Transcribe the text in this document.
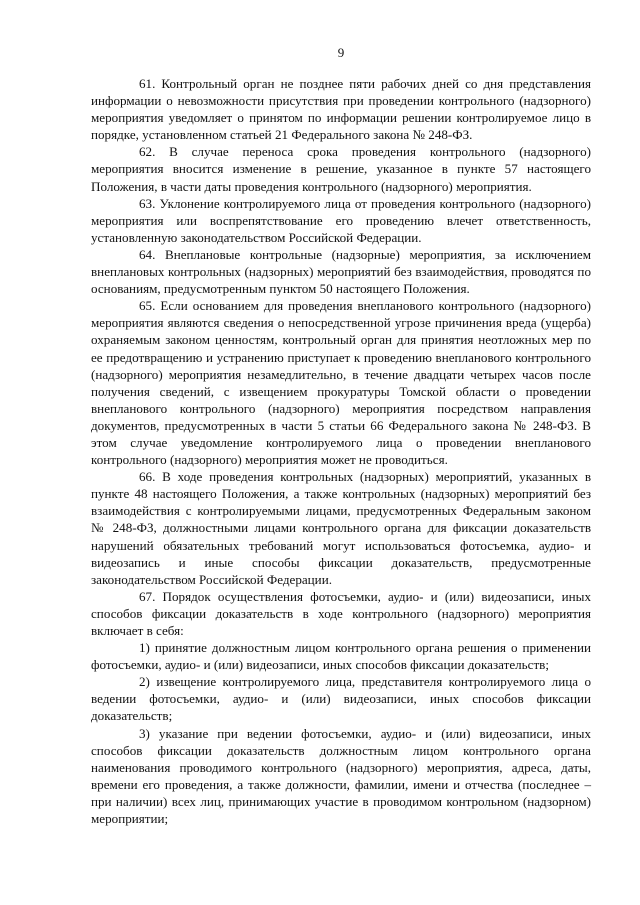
9

61. Контрольный орган не позднее пяти рабочих дней со дня представления информации о невозможности присутствия при проведении контрольного (надзорного) мероприятия уведомляет о принятом по информации решении контролируемое лицо в порядке, установленном статьей 21 Федерального закона № 248-ФЗ.

62. В случае переноса срока проведения контрольного (надзорного) мероприятия вносится изменение в решение, указанное в пункте 57 настоящего Положения, в части даты проведения контрольного (надзорного) мероприятия.

63. Уклонение контролируемого лица от проведения контрольного (надзорного) мероприятия или воспрепятствование его проведению влечет ответственность, установленную законодательством Российской Федерации.

64. Внеплановые контрольные (надзорные) мероприятия, за исключением внеплановых контрольных (надзорных) мероприятий без взаимодействия, проводятся по основаниям, предусмотренным пунктом 50 настоящего Положения.

65. Если основанием для проведения внепланового контрольного (надзорного) мероприятия являются сведения о непосредственной угрозе причинения вреда (ущерба) охраняемым законом ценностям, контрольный орган для принятия неотложных мер по ее предотвращению и устранению приступает к проведению внепланового контрольного (надзорного) мероприятия незамедлительно, в течение двадцати четырех часов после получения сведений, с извещением прокуратуры Томской области о проведении внепланового контрольного (надзорного) мероприятия посредством направления документов, предусмотренных в части 5 статьи 66 Федерального закона № 248-ФЗ. В этом случае уведомление контролируемого лица о проведении внепланового контрольного (надзорного) мероприятия может не проводиться.

66. В ходе проведения контрольных (надзорных) мероприятий, указанных в пункте 48 настоящего Положения, а также контрольных (надзорных) мероприятий без взаимодействия с контролируемыми лицами, предусмотренных Федеральным законом № 248-ФЗ, должностными лицами контрольного органа для фиксации доказательств нарушений обязательных требований могут использоваться фотосъемка, аудио- и видеозапись и иные способы фиксации доказательств, предусмотренные законодательством Российской Федерации.

67. Порядок осуществления фотосъемки, аудио- и (или) видеозаписи, иных способов фиксации доказательств в ходе контрольного (надзорного) мероприятия включает в себя:

1) принятие должностным лицом контрольного органа решения о применении фотосъемки, аудио- и (или) видеозаписи, иных способов фиксации доказательств;

2) извещение контролируемого лица, представителя контролируемого лица о ведении фотосъемки, аудио- и (или) видеозаписи, иных способов фиксации доказательств;

3) указание при ведении фотосъемки, аудио- и (или) видеозаписи, иных способов фиксации доказательств должностным лицом контрольного органа наименования проводимого контрольного (надзорного) мероприятия, адреса, даты, времени его проведения, а также должности, фамилии, имени и отчества (последнее – при наличии) всех лиц, принимающих участие в проводимом контрольном (надзорном) мероприятии;
